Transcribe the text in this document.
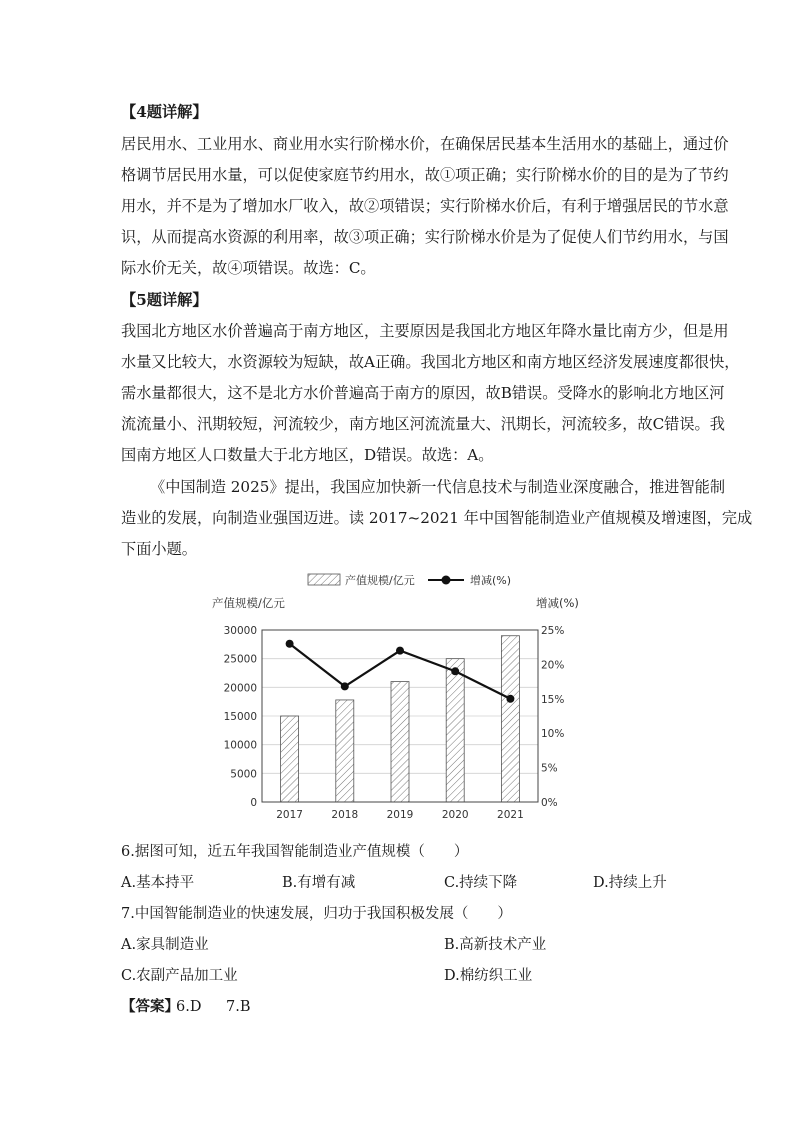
【4题详解】
居民用水、工业用水、商业用水实行阶梯水价，在确保居民基本生活用水的基础上，通过价
格调节居民用水量，可以促使家庭节约用水，故①项正确；实行阶梯水价的目的是为了节约
用水，并不是为了增加水厂收入，故②项错误；实行阶梯水价后，有利于增强居民的节水意
识，从而提高水资源的利用率，故③项正确；实行阶梯水价是为了促使人们节约用水，与国
际水价无关，故④项错误。故选：C。
【5题详解】
我国北方地区水价普遍高于南方地区，主要原因是我国北方地区年降水量比南方少，但是用
水量又比较大，水资源较为短缺，故A正确。我国北方地区和南方地区经济发展速度都很快，
需水量都很大，这不是北方水价普遍高于南方的原因，故B错误。受降水的影响北方地区河
流流量小、汛期较短，河流较少，南方地区河流流量大、汛期长，河流较多，故C错误。我
国南方地区人口数量大于北方地区，D错误。故选：A。
《中国制造 2025》提出，我国应加快新一代信息技术与制造业深度融合，推进智能制
造业的发展，向制造业强国迈进。读 2017~2021 年中国智能制造业产值规模及增速图，完成
下面小题。
产值规模/亿元	增减(%)
产值规模/亿元	增减(%)
0
5000
10000
15000
20000
25000
30000
0%
5%
10%
15%
20%
25%
2017	2018	2019	2020	2021
6.据图可知，近五年我国智能制造业产值规模（　　）
A.基本持平	B.有增有减	C.持续下降	D.持续上升
7.中国智能制造业的快速发展，归功于我国积极发展（　　）
A.家具制造业	B.高新技术产业
C.农副产品加工业	D.棉纺织工业
【答案】
6.D 7.B
